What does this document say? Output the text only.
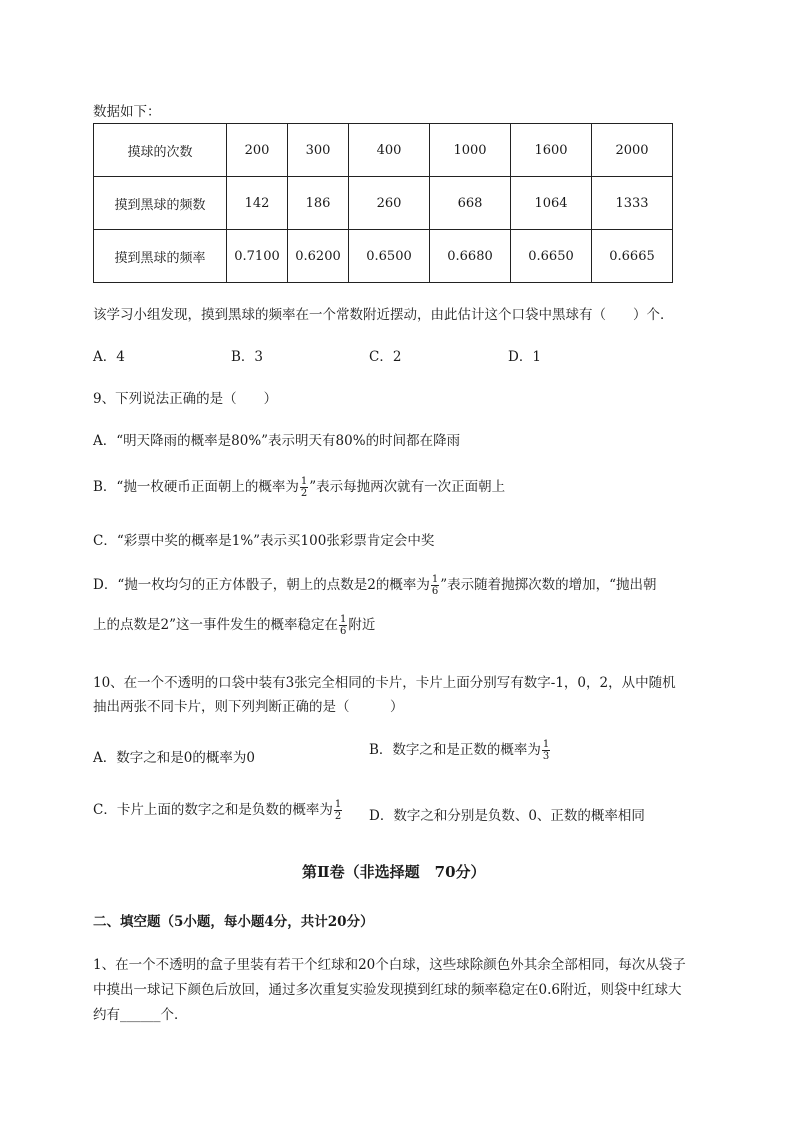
数据如下：
摸球的次数	200	300	400	1000	1600	2000
摸到黑球的频数	142	186	260	668	1064	1333
摸到黑球的频率	0.7100	0.6200	0.6500	0.6680	0.6650	0.6665
该学习小组发现，摸到黑球的频率在一个常数附近摆动，由此估计这个口袋中黑球有（　　）个．
A．4	B．3	C．2	D．1
9、下列说法正确的是（　　）
A．“明天降雨的概率是80%”表示明天有80%的时间都在降雨
B．“抛一枚硬币正面朝上的概率为 $\frac{1}{2}$ ”表示每抛两次就有一次正面朝上
C．“彩票中奖的概率是1%”表示买100张彩票肯定会中奖
D．“抛一枚均匀的正方体骰子，朝上的点数是2的概率为 $\frac{1}{6}$ ”表示随着抛掷次数的增加，“抛出朝
上的点数是2”这一事件发生的概率稳定在 $\frac{1}{6}$ 附近
10、在一个不透明的口袋中装有3张完全相同的卡片，卡片上面分别写有数字-1，0，2，从中随机
抽出两张不同卡片，则下列判断正确的是（　　　）
A．数字之和是0的概率为0	B．数字之和是正数的概率为 $\frac{1}{3}$
C．卡片上面的数字之和是负数的概率为 $\frac{1}{2}$ D．数字之和分别是负数、0、正数的概率相同
第Ⅱ卷（非选择题　70分）
二、填空题（5小题，每小题4分，共计20分）
1、在一个不透明的盒子里装有若干个红球和20个白球，这些球除颜色外其余全部相同，每次从袋子
中摸出一球记下颜色后放回，通过多次重复实验发现摸到红球的频率稳定在0.6附近，则袋中红球大
约有______个．
